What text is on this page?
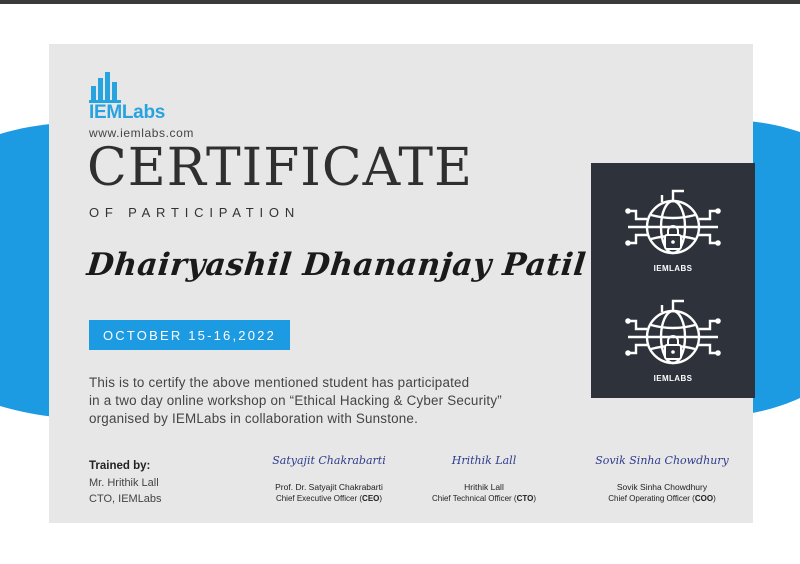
IEMLabs
www.iemlabs.com
CERTIFICATE
OF PARTICIPATION
Dhairyashil Dhananjay Patil
OCTOBER 15-16,2022
This is to certify the above mentioned student has participated
in a two day online workshop on “Ethical Hacking & Cyber Security”
organised by IEMLabs in collaboration with Sunstone.
Trained by:
Mr. Hrithik Lall
CTO, IEMLabs
Satyajit Chakrabarti
Prof. Dr. Satyajit Chakrabarti
Chief Executive Officer (CEO)
Hrithik Lall
Hrithik Lall
Chief Technical Officer (CTO)
Sovik Sinha Chowdhury
Sovik Sinha Chowdhury
Chief Operating Officer (COO)
IEMLABS
IEMLABS
